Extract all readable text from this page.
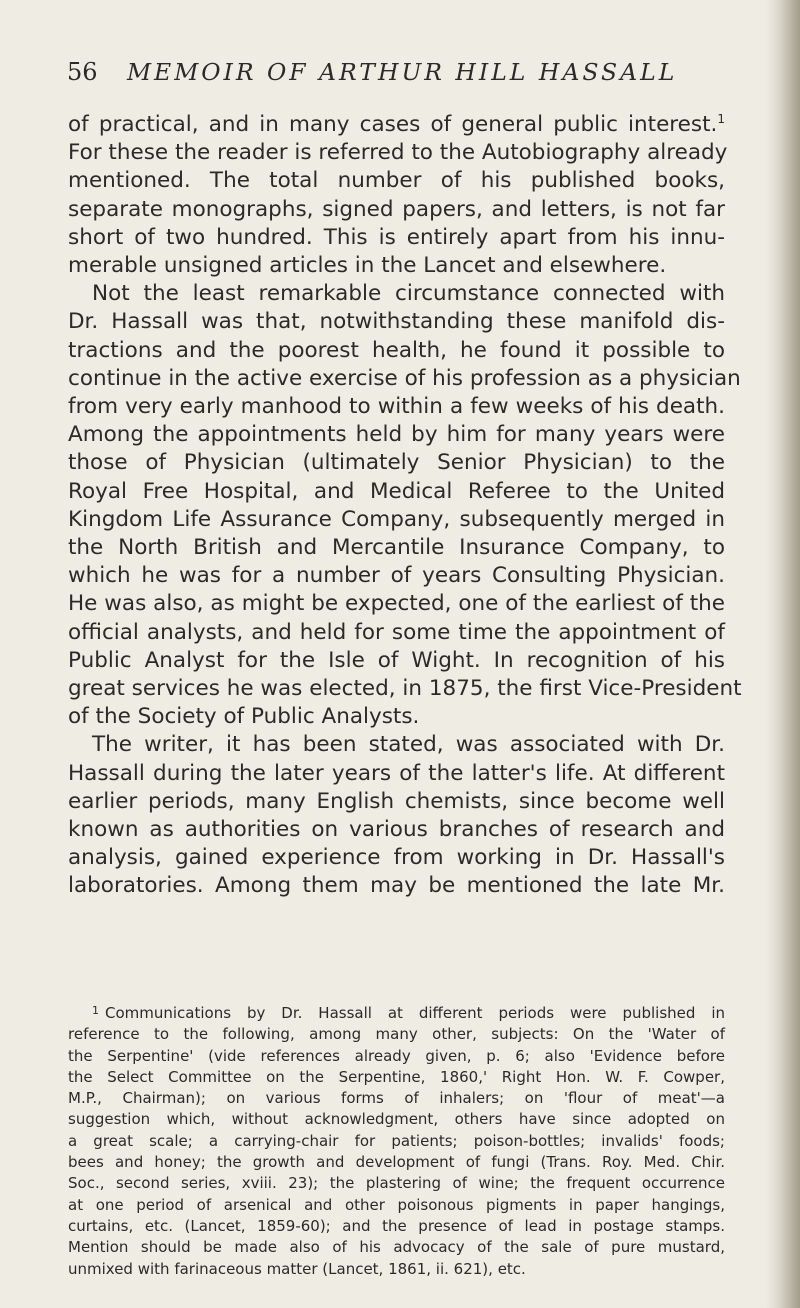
56	MEMOIR OF ARTHUR HILL HASSALL
of practical, and in many cases of general public interest.$^1$
For these the reader is referred to the Autobiography already
mentioned. The total number of his published books,
separate monographs, signed papers, and letters, is not far
short of two hundred. This is entirely apart from his innu-
merable unsigned articles in the Lancet and elsewhere.
Not the least remarkable circumstance connected with
Dr. Hassall was that, notwithstanding these manifold dis-
tractions and the poorest health, he found it possible to
continue in the active exercise of his profession as a physician
from very early manhood to within a few weeks of his death.
Among the appointments held by him for many years were
those of Physician (ultimately Senior Physician) to the
Royal Free Hospital, and Medical Referee to the United
Kingdom Life Assurance Company, subsequently merged in
the North British and Mercantile Insurance Company, to
which he was for a number of years Consulting Physician.
He was also, as might be expected, one of the earliest of the
official analysts, and held for some time the appointment of
Public Analyst for the Isle of Wight. In recognition of his
great services he was elected, in 1875, the first Vice-President
of the Society of Public Analysts.
The writer, it has been stated, was associated with Dr.
Hassall during the later years of the latter's life. At different
earlier periods, many English chemists, since become well
known as authorities on various branches of research and
analysis, gained experience from working in Dr. Hassall's
laboratories. Among them may be mentioned the late Mr.
$^1$ Communications by Dr. Hassall at different periods were published in
reference to the following, among many other, subjects: On the 'Water of
the Serpentine' (vide references already given, p. 6; also 'Evidence before
the Select Committee on the Serpentine, 1860,' Right Hon. W. F. Cowper,
M.P., Chairman); on various forms of inhalers; on 'flour of meat'—a
suggestion which, without acknowledgment, others have since adopted on
a great scale; a carrying-chair for patients; poison-bottles; invalids' foods;
bees and honey; the growth and development of fungi (Trans. Roy. Med. Chir.
Soc., second series, xviii. 23); the plastering of wine; the frequent occurrence
at one period of arsenical and other poisonous pigments in paper hangings,
curtains, etc. (Lancet, 1859-60); and the presence of lead in postage stamps.
Mention should be made also of his advocacy of the sale of pure mustard,
unmixed with farinaceous matter (Lancet, 1861, ii. 621), etc.
